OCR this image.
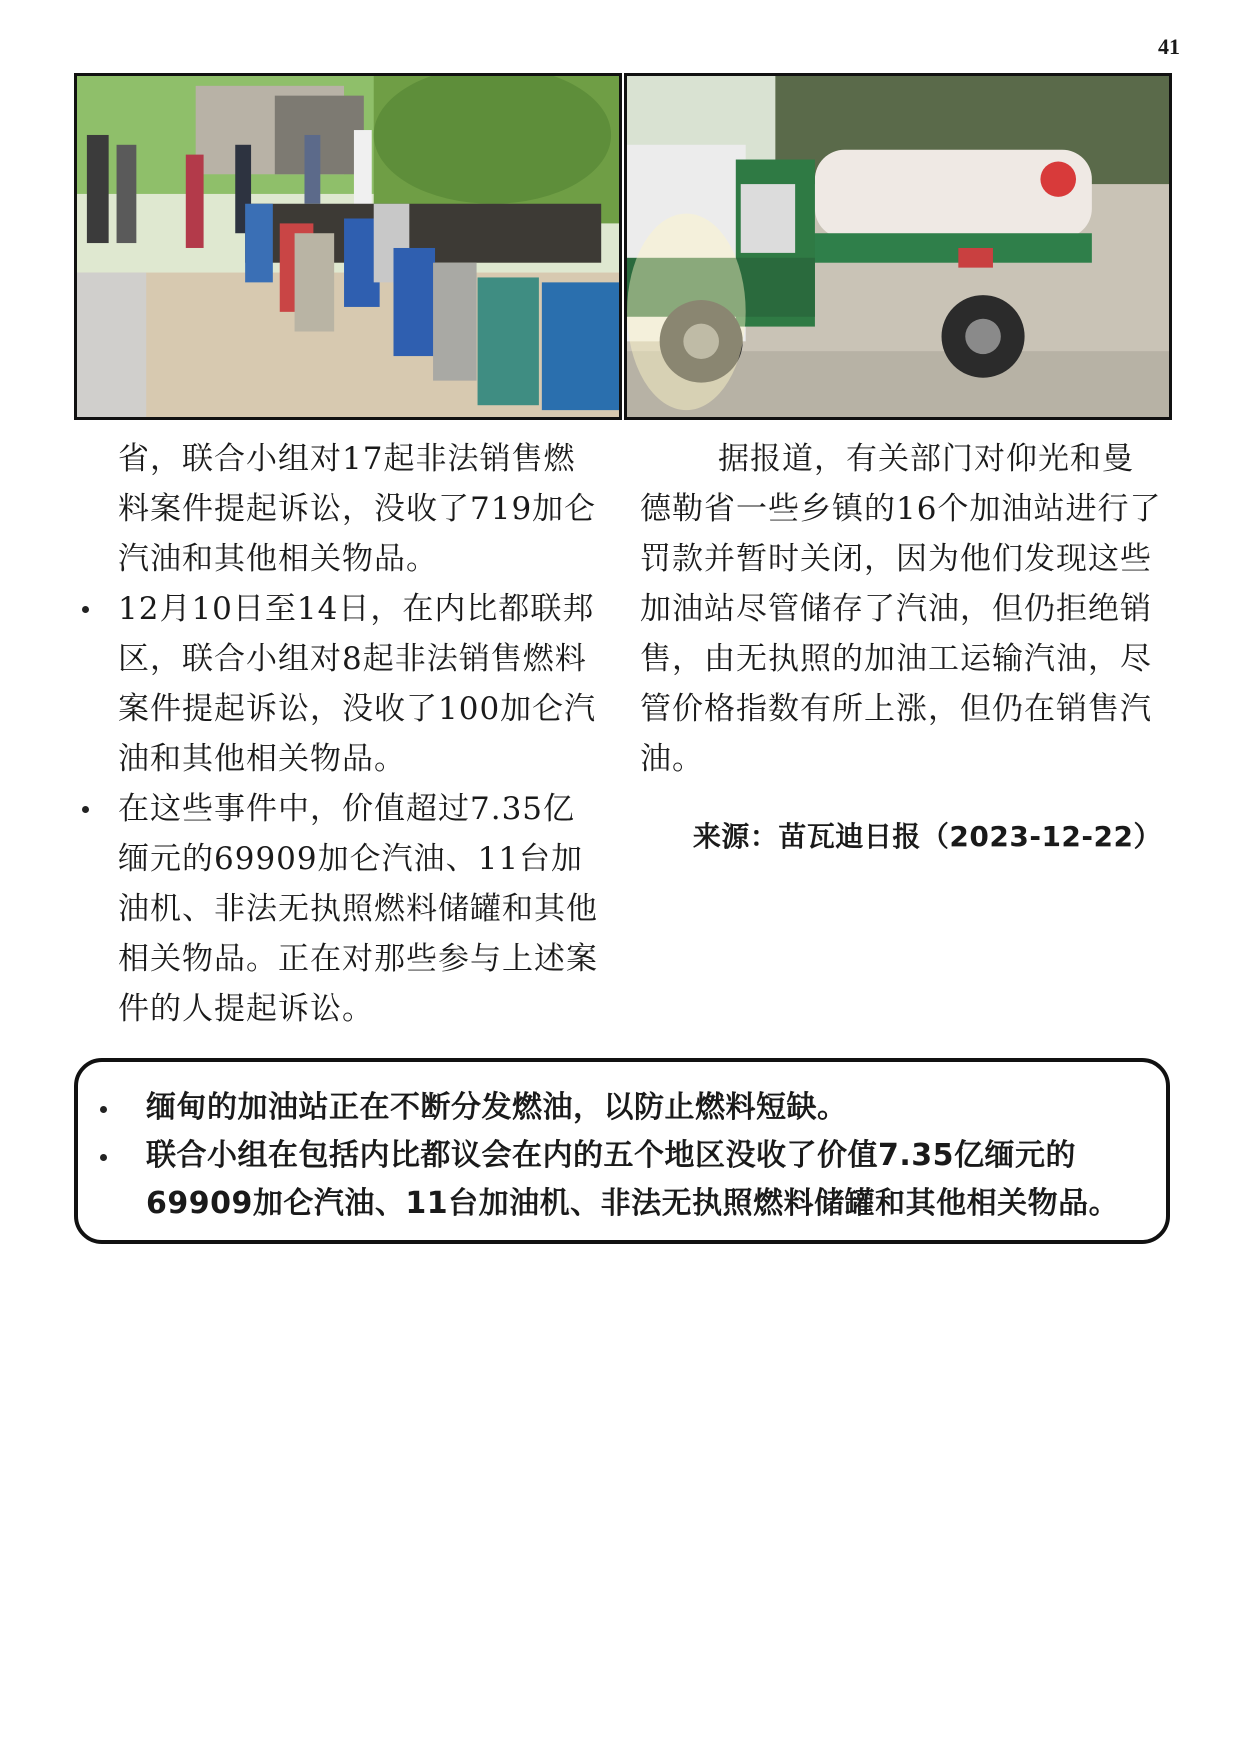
41

省，联合小组对17起非法销售燃料案件提起诉讼，没收了719加仑汽油和其他相关物品。

12月10日至14日，在内比都联邦区，联合小组对8起非法销售燃料案件提起诉讼，没收了100加仑汽油和其他相关物品。
在这些事件中，价值超过7.35亿缅元的69909加仑汽油、11台加油机、非法无执照燃料储罐和其他相关物品。正在对那些参与上述案件的人提起诉讼。

据报道，有关部门对仰光和曼德勒省一些乡镇的16个加油站进行了罚款并暂时关闭，因为他们发现这些加油站尽管储存了汽油，但仍拒绝销售，由无执照的加油工运输汽油，尽管价格指数有所上涨，但仍在销售汽油。

来源：苗瓦迪日报（2023-12-22）
缅甸的加油站正在不断分发燃油，以防止燃料短缺。
联合小组在包括内比都议会在内的五个地区没收了价值7.35亿缅元的69909加仑汽油、11台加油机、非法无执照燃料储罐和其他相关物品。
